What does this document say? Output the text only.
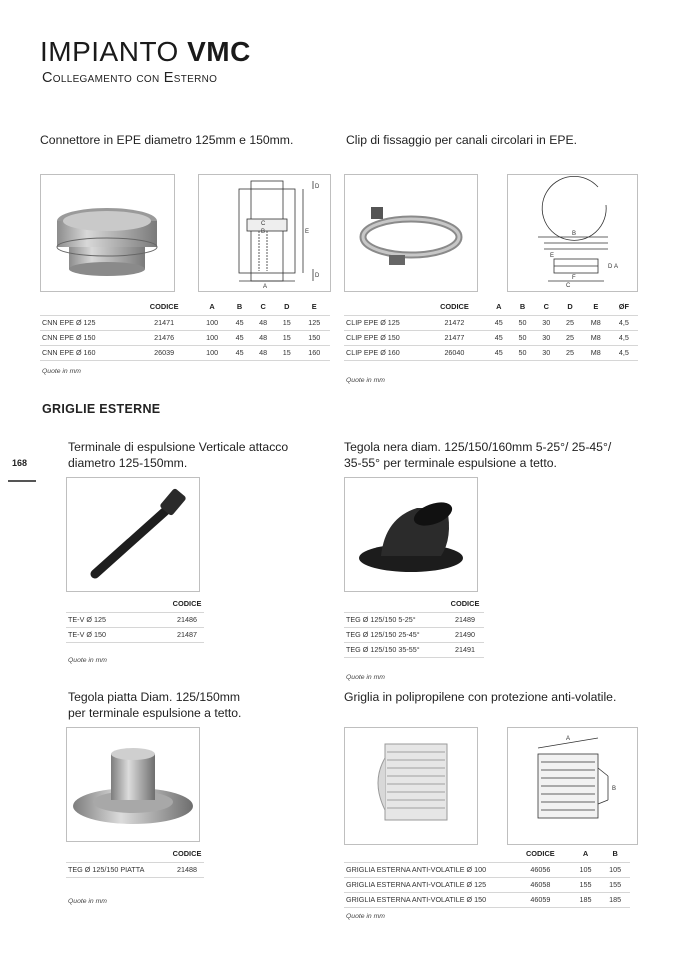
IMPIANTO VMC
Collegamento con Esterno
168
Connettore in EPE diametro 125mm e 150mm.
A
B
C
D
D
E
	CODICE	A	B	C	D	E
CNN EPE Ø 125	21471	100	45	48	15	125
CNN EPE Ø 150	21476	100	45	48	15	150
CNN EPE Ø 160	26039	100	45	48	15	160
Quote in mm
Clip di fissaggio per canali circolari in EPE.
B
E
D A
F
C
	CODICE	A	B	C	D	E	ØF
CLIP EPE Ø 125	21472	45	50	30	25	M8	4,5
CLIP EPE Ø 150	21477	45	50	30	25	M8	4,5
CLIP EPE Ø 160	26040	45	50	30	25	M8	4,5
Quote in mm
GRIGLIE ESTERNE
Terminale di espulsione Verticale attacco
diametro 125-150mm.
	CODICE
TE-V Ø 125	21486
TE-V Ø 150	21487
Quote in mm
Tegola nera diam. 125/150/160mm 5-25°/ 25-45°/
35-55° per terminale espulsione a tetto.
	CODICE
TEG Ø 125/150 5-25°	21489
TEG Ø 125/150 25-45°	21490
TEG Ø 125/150 35-55°	21491
Quote in mm
Tegola piatta Diam. 125/150mm
per terminale espulsione a tetto.
	CODICE
TEG Ø 125/150 PIATTA	21488
Quote in mm
Griglia in polipropilene con protezione anti-volatile.
A
B
	CODICE	A	B
GRIGLIA ESTERNA ANTI-VOLATILE Ø 100	46056	105	105
GRIGLIA ESTERNA ANTI-VOLATILE Ø 125	46058	155	155
GRIGLIA ESTERNA ANTI-VOLATILE Ø 150	46059	185	185
Quote in mm
